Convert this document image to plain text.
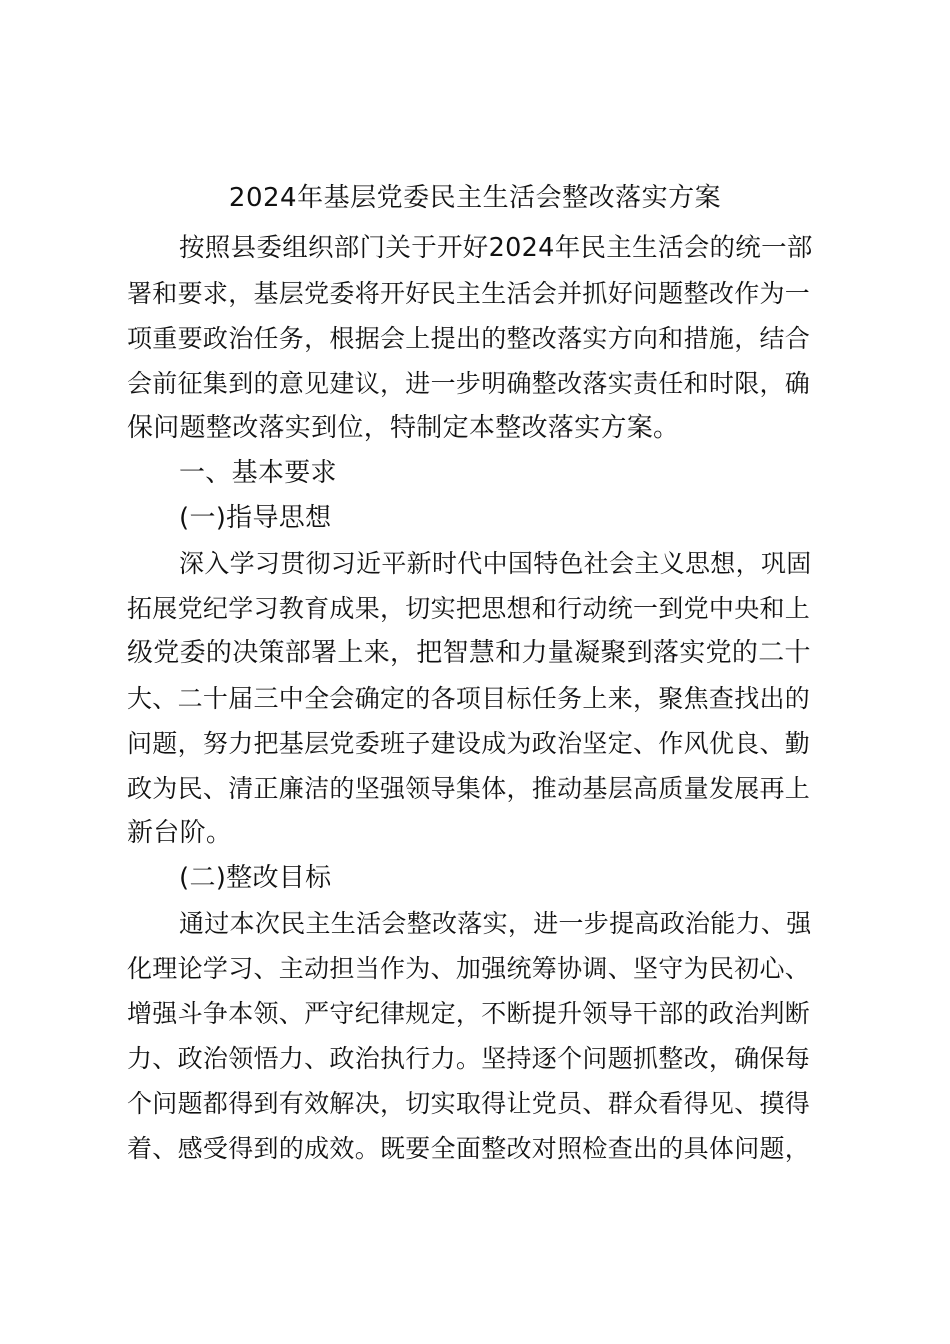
2024年基层党委民主生活会整改落实方案
按照县委组织部门关于开好2024年民主生活会的统一部
署和要求，基层党委将开好民主生活会并抓好问题整改作为一
项重要政治任务，根据会上提出的整改落实方向和措施，结合
会前征集到的意见建议，进一步明确整改落实责任和时限，确
保问题整改落实到位，特制定本整改落实方案。
一、基本要求
(一)指导思想
深入学习贯彻习近平新时代中国特色社会主义思想，巩固
拓展党纪学习教育成果，切实把思想和行动统一到党中央和上
级党委的决策部署上来，把智慧和力量凝聚到落实党的二十
大、二十届三中全会确定的各项目标任务上来，聚焦查找出的
问题，努力把基层党委班子建设成为政治坚定、作风优良、勤
政为民、清正廉洁的坚强领导集体，推动基层高质量发展再上
新台阶。
(二)整改目标
通过本次民主生活会整改落实，进一步提高政治能力、强
化理论学习、主动担当作为、加强统筹协调、坚守为民初心、
增强斗争本领、严守纪律规定，不断提升领导干部的政治判断
力、政治领悟力、政治执行力。坚持逐个问题抓整改，确保每
个问题都得到有效解决，切实取得让党员、群众看得见、摸得
着、感受得到的成效。既要全面整改对照检查出的具体问题，
